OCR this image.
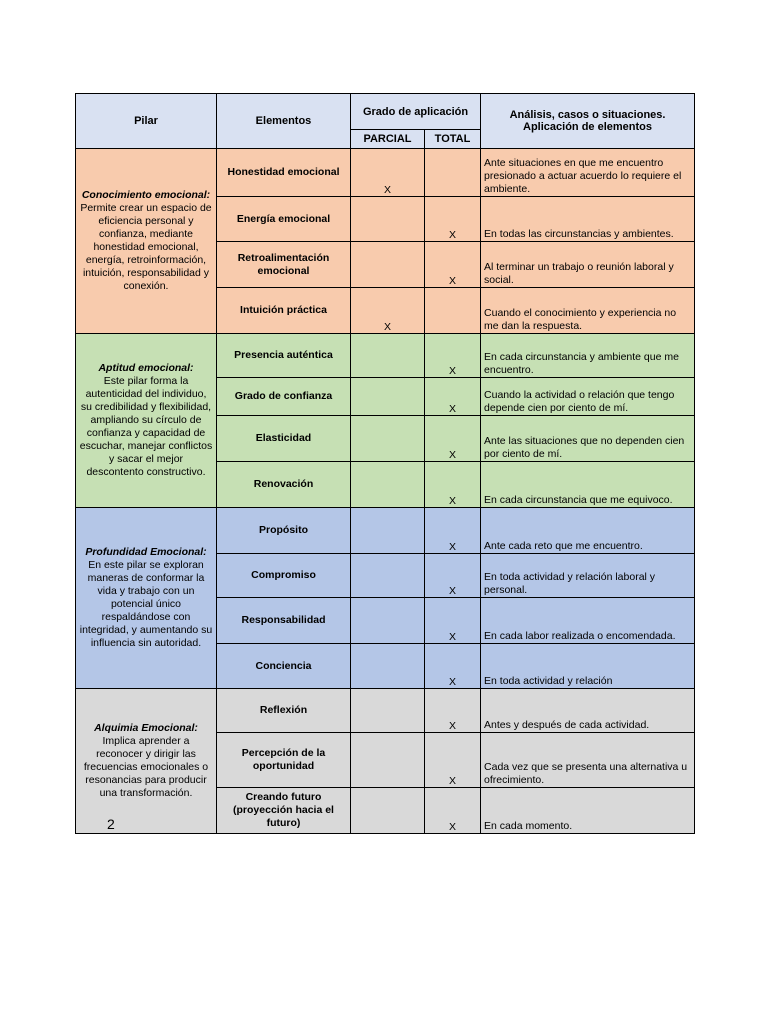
Pilar	Elementos	Grado de aplicación		Análisis, casos o situaciones. Aplicación de elementos
		PARCIAL	TOTAL	

Conocimiento emocional:
Permite crear un espacio de eficiencia personal y confianza, mediante honestidad emocional, energía, retroinformación, intuición, responsabilidad y conexión.	Honestidad emocional	X		Ante situaciones en que me encuentro presionado a actuar acuerdo lo requiere el ambiente.
	Energía emocional		X	En todas las circunstancias y ambientes.
	Retroalimentación emocional		X	Al terminar un trabajo o reunión laboral y social.
	Intuición práctica	X		Cuando el conocimiento y experiencia no me dan la respuesta.

Aptitud emocional:
Este pilar forma la autenticidad del individuo, su credibilidad y flexibilidad, ampliando su círculo de confianza y capacidad de escuchar, manejar conflictos y sacar el mejor descontento constructivo.	Presencia auténtica		X	En cada circunstancia y ambiente que me encuentro.
	Grado de confianza		X	Cuando la actividad o relación que tengo depende cien por ciento de mí.
	Elasticidad		X	Ante las situaciones que no dependen cien por ciento de mí.
	Renovación		X	En cada circunstancia que me equivoco.

Profundidad Emocional:
En este pilar se exploran maneras de conformar la vida y trabajo con un potencial único respaldándose con integridad, y aumentando su influencia sin autoridad.	Propósito		X	Ante cada reto que me encuentro.
	Compromiso		X	En toda actividad y relación laboral y personal.
	Responsabilidad		X	En cada labor realizada o encomendada.
	Conciencia		X	En toda actividad y relación

Alquimia Emocional:
Implica aprender a reconocer y dirigir las frecuencias emocionales o resonancias para producir una transformación.	Reflexión		X	Antes y después de cada actividad.
	Percepción de la oportunidad		X	Cada vez que se presenta una alternativa u ofrecimiento.
	Creando futuro (proyección hacia el futuro)		X	En cada momento.
2
